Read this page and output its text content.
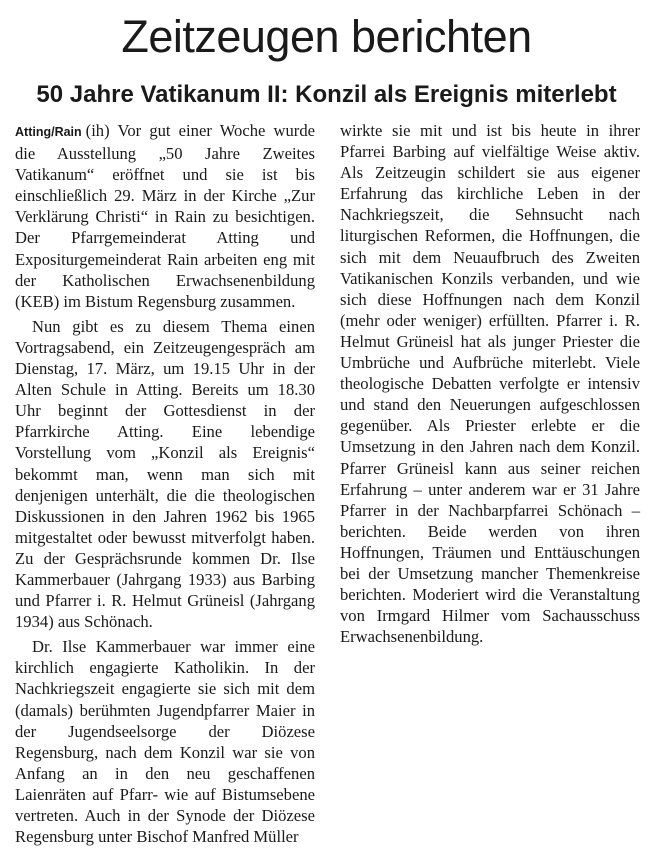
Zeitzeugen berichten
50 Jahre Vatikanum II: Konzil als Ereignis miterlebt

Atting/Rain (ih) Vor gut einer Woche wurde die Ausstellung „50 Jahre Zweites Vatikanum“ eröffnet und sie ist bis einschließlich 29. März in der Kirche „Zur Verklärung Christi“ in Rain zu besichtigen. Der Pfarrgemeinderat Atting und Expositurgemeinderat Rain arbeiten eng mit der Katholischen Erwachsenenbildung (KEB) im Bistum Regensburg zusammen.

Nun gibt es zu diesem Thema einen Vortragsabend, ein Zeitzeugengespräch am Dienstag, 17. März, um 19.15 Uhr in der Alten Schule in Atting. Bereits um 18.30 Uhr beginnt der Gottesdienst in der Pfarrkirche Atting. Eine lebendige Vorstellung vom „Konzil als Ereignis“ bekommt man, wenn man sich mit denjenigen unterhält, die die theologischen Diskussionen in den Jahren 1962 bis 1965 mitgestaltet oder bewusst mitverfolgt haben. Zu der Gesprächsrunde kommen Dr. Ilse Kammerbauer (Jahrgang 1933) aus Barbing und Pfarrer i. R. Helmut Grüneisl (Jahrgang 1934) aus Schönach.

Dr. Ilse Kammerbauer war immer eine kirchlich engagierte Katholikin. In der Nachkriegszeit engagierte sie sich mit dem (damals) berühmten Jugendpfarrer Maier in der Jugendseelsorge der Diözese Regensburg, nach dem Konzil war sie von Anfang an in den neu geschaffenen Laienräten auf Pfarr- wie auf Bistumsebene vertreten. Auch in der Synode der Diözese Regensburg unter Bischof Manfred Müller

wirkte sie mit und ist bis heute in ihrer Pfarrei Barbing auf vielfältige Weise aktiv. Als Zeitzeugin schildert sie aus eigener Erfahrung das kirchliche Leben in der Nachkriegszeit, die Sehnsucht nach liturgischen Reformen, die Hoffnungen, die sich mit dem Neuaufbruch des Zweiten Vatikanischen Konzils verbanden, und wie sich diese Hoffnungen nach dem Konzil (mehr oder weniger) erfüllten. Pfarrer i. R. Helmut Grüneisl hat als junger Priester die Umbrüche und Aufbrüche miterlebt. Viele theologische Debatten verfolgte er intensiv und stand den Neuerungen aufgeschlossen gegenüber. Als Priester erlebte er die Umsetzung in den Jahren nach dem Konzil. Pfarrer Grüneisl kann aus seiner reichen Erfahrung – unter anderem war er 31 Jahre Pfarrer in der Nachbarpfarrei Schönach – berichten. Beide werden von ihren Hoffnungen, Träumen und Enttäuschungen bei der Umsetzung mancher Themenkreise berichten. Moderiert wird die Veranstaltung von Irmgard Hilmer vom Sachausschuss Erwachsenenbildung.
